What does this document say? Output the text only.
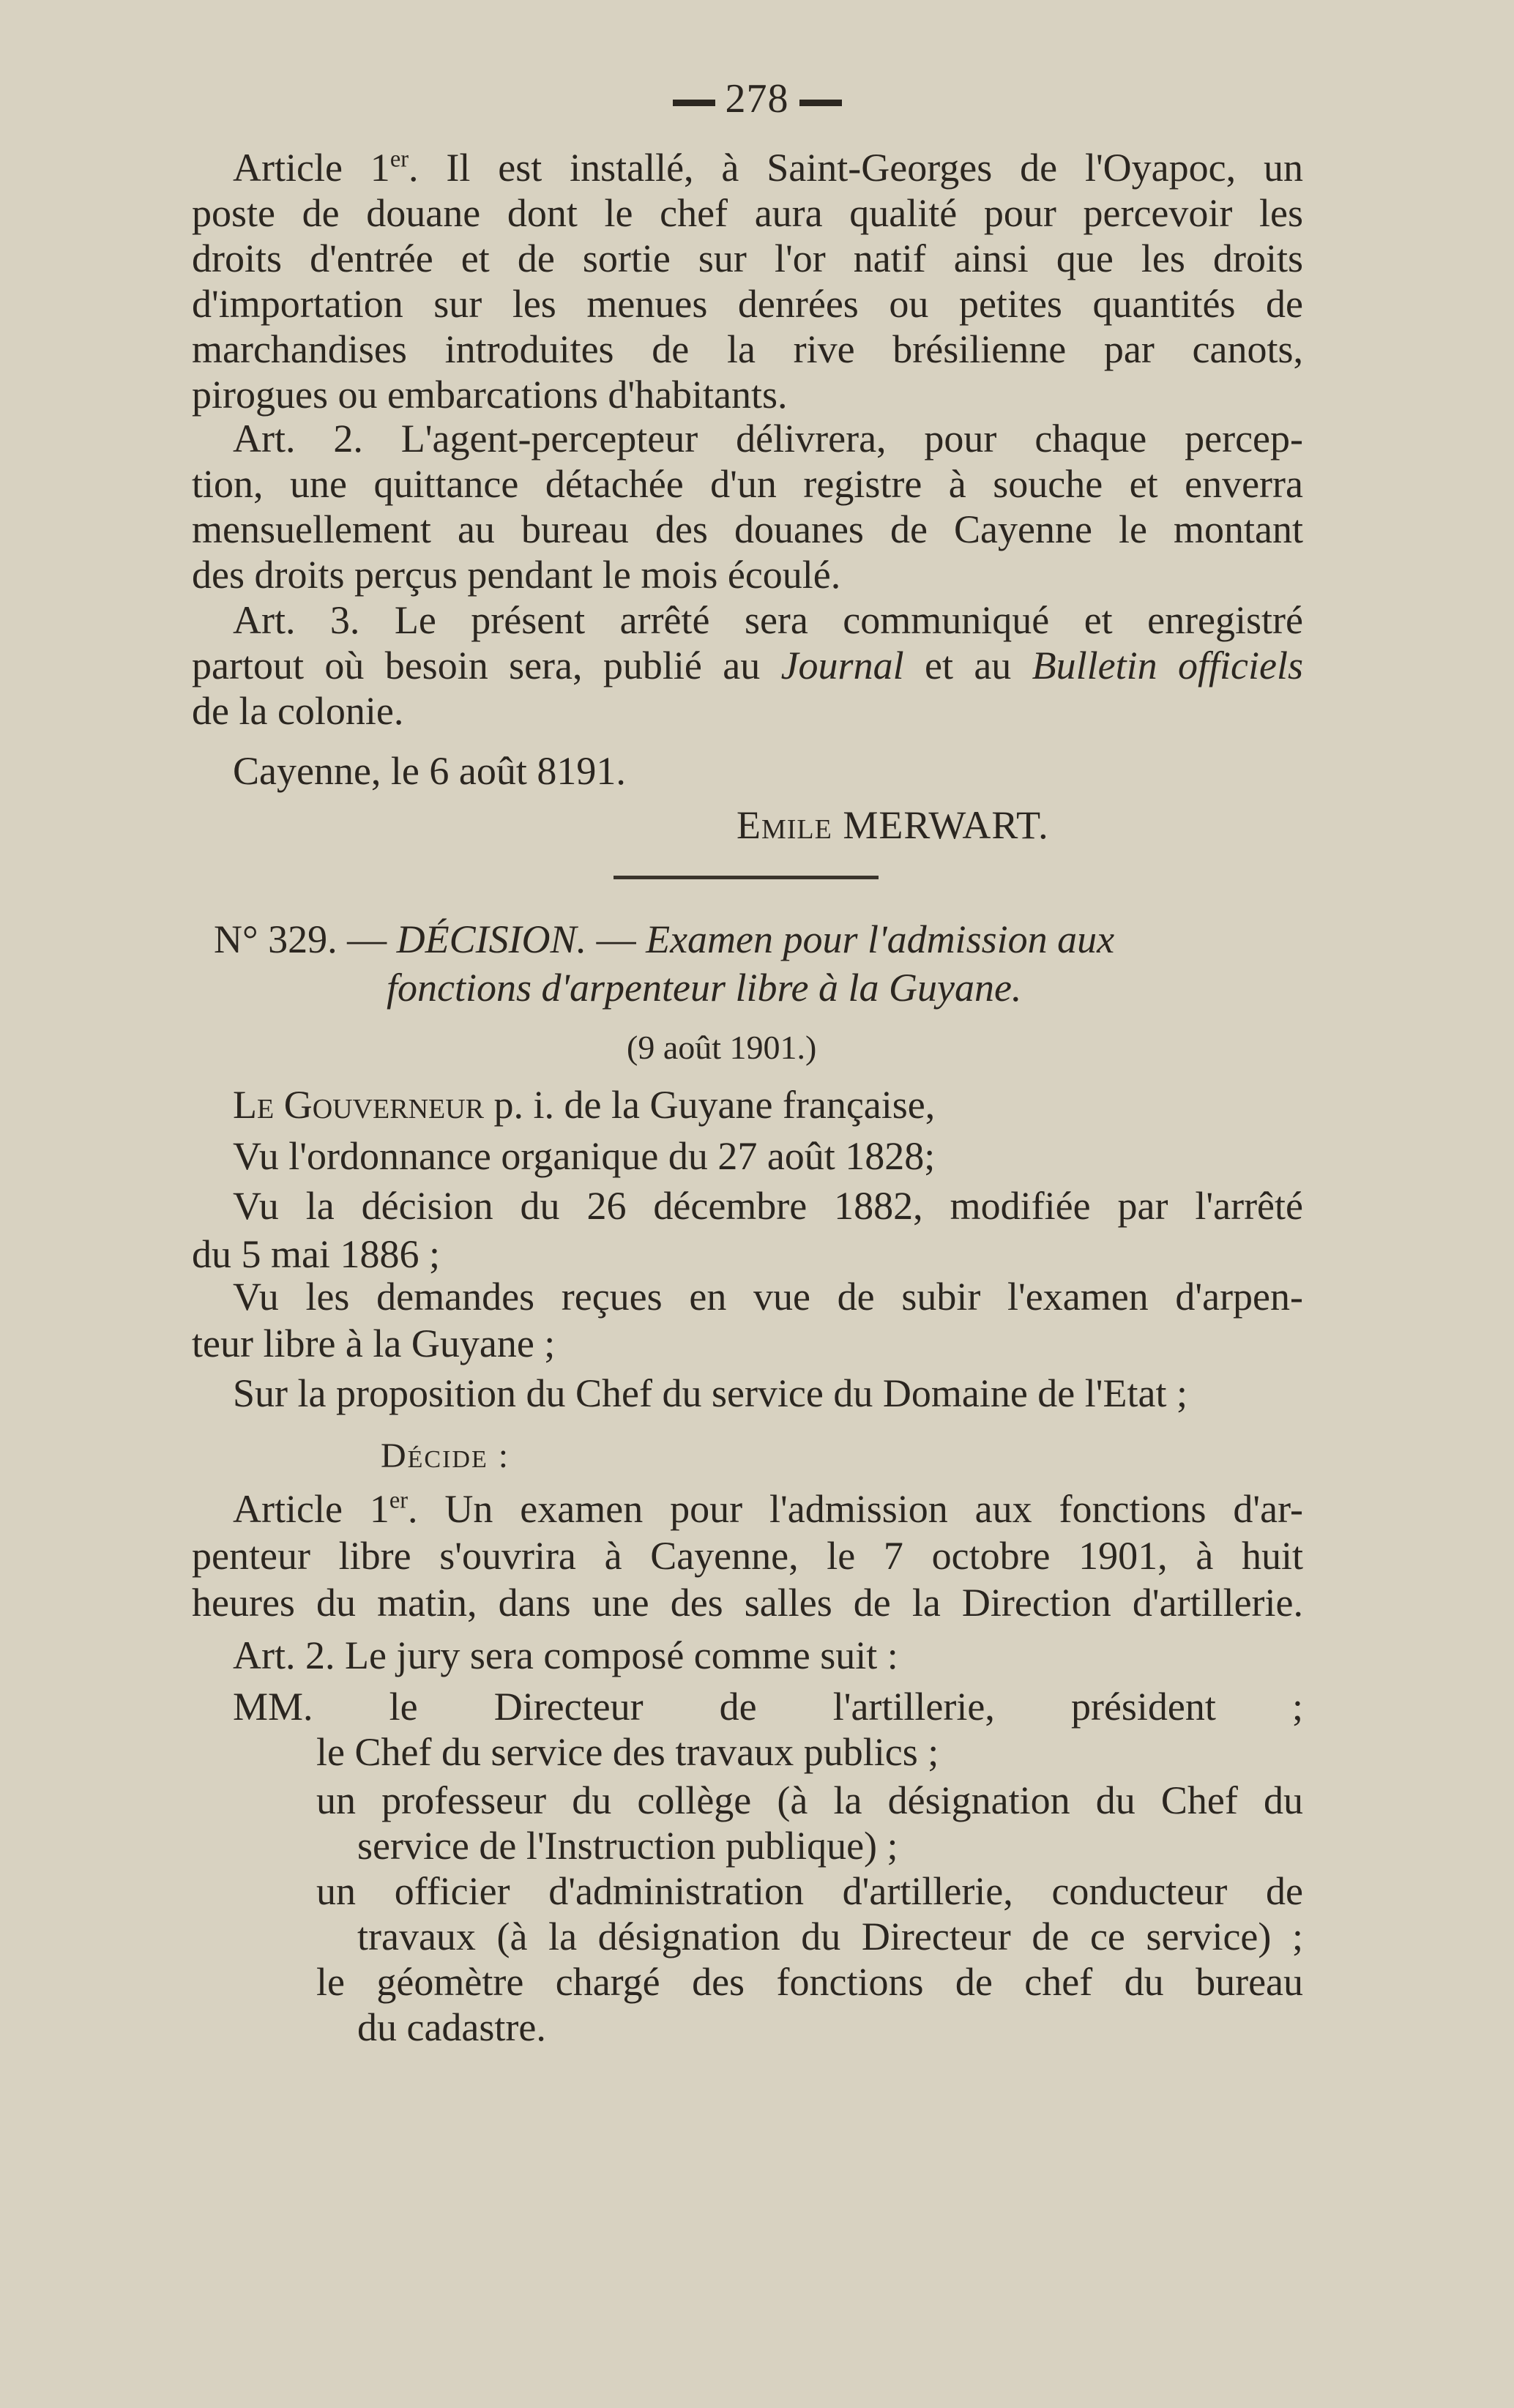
278
Article 1er. Il est installé, à Saint-Georges de l'Oyapoc, un
poste de douane dont le chef aura qualité pour percevoir les
droits d'entrée et de sortie sur l'or natif ainsi que les droits
d'importation sur les menues denrées ou petites quantités de
marchandises introduites de la rive brésilienne par canots,
pirogues ou embarcations d'habitants.
Art. 2. L'agent-percepteur délivrera, pour chaque percep-
tion, une quittance détachée d'un registre à souche et enverra
mensuellement au bureau des douanes de Cayenne le montant
des droits perçus pendant le mois écoulé.
Art. 3. Le présent arrêté sera communiqué et enregistré
partout où besoin sera, publié au Journal et au Bulletin officiels
de la colonie.
Cayenne, le 6 août 8191.
Emile MERWART.
N° 329. — DÉCISION. — Examen pour l'admission aux
fonctions d'arpenteur libre à la Guyane.
(9 août 1901.)
Le Gouverneur p. i. de la Guyane française,
Vu l'ordonnance organique du 27 août 1828;
Vu la décision du 26 décembre 1882, modifiée par l'arrêté
du 5 mai 1886 ;
Vu les demandes reçues en vue de subir l'examen d'arpen-
teur libre à la Guyane ;
Sur la proposition du Chef du service du Domaine de l'Etat ;
Décide :
Article 1er. Un examen pour l'admission aux fonctions d'ar-
penteur libre s'ouvrira à Cayenne, le 7 octobre 1901, à huit
heures du matin, dans une des salles de la Direction d'artillerie.
Art. 2. Le jury sera composé comme suit :
MM. le Directeur de l'artillerie, président ;
le Chef du service des travaux publics ;
un professeur du collège (à la désignation du Chef du
service de l'Instruction publique) ;
un officier d'administration d'artillerie, conducteur de
travaux (à la désignation du Directeur de ce service) ;
le géomètre chargé des fonctions de chef du bureau
du cadastre.
